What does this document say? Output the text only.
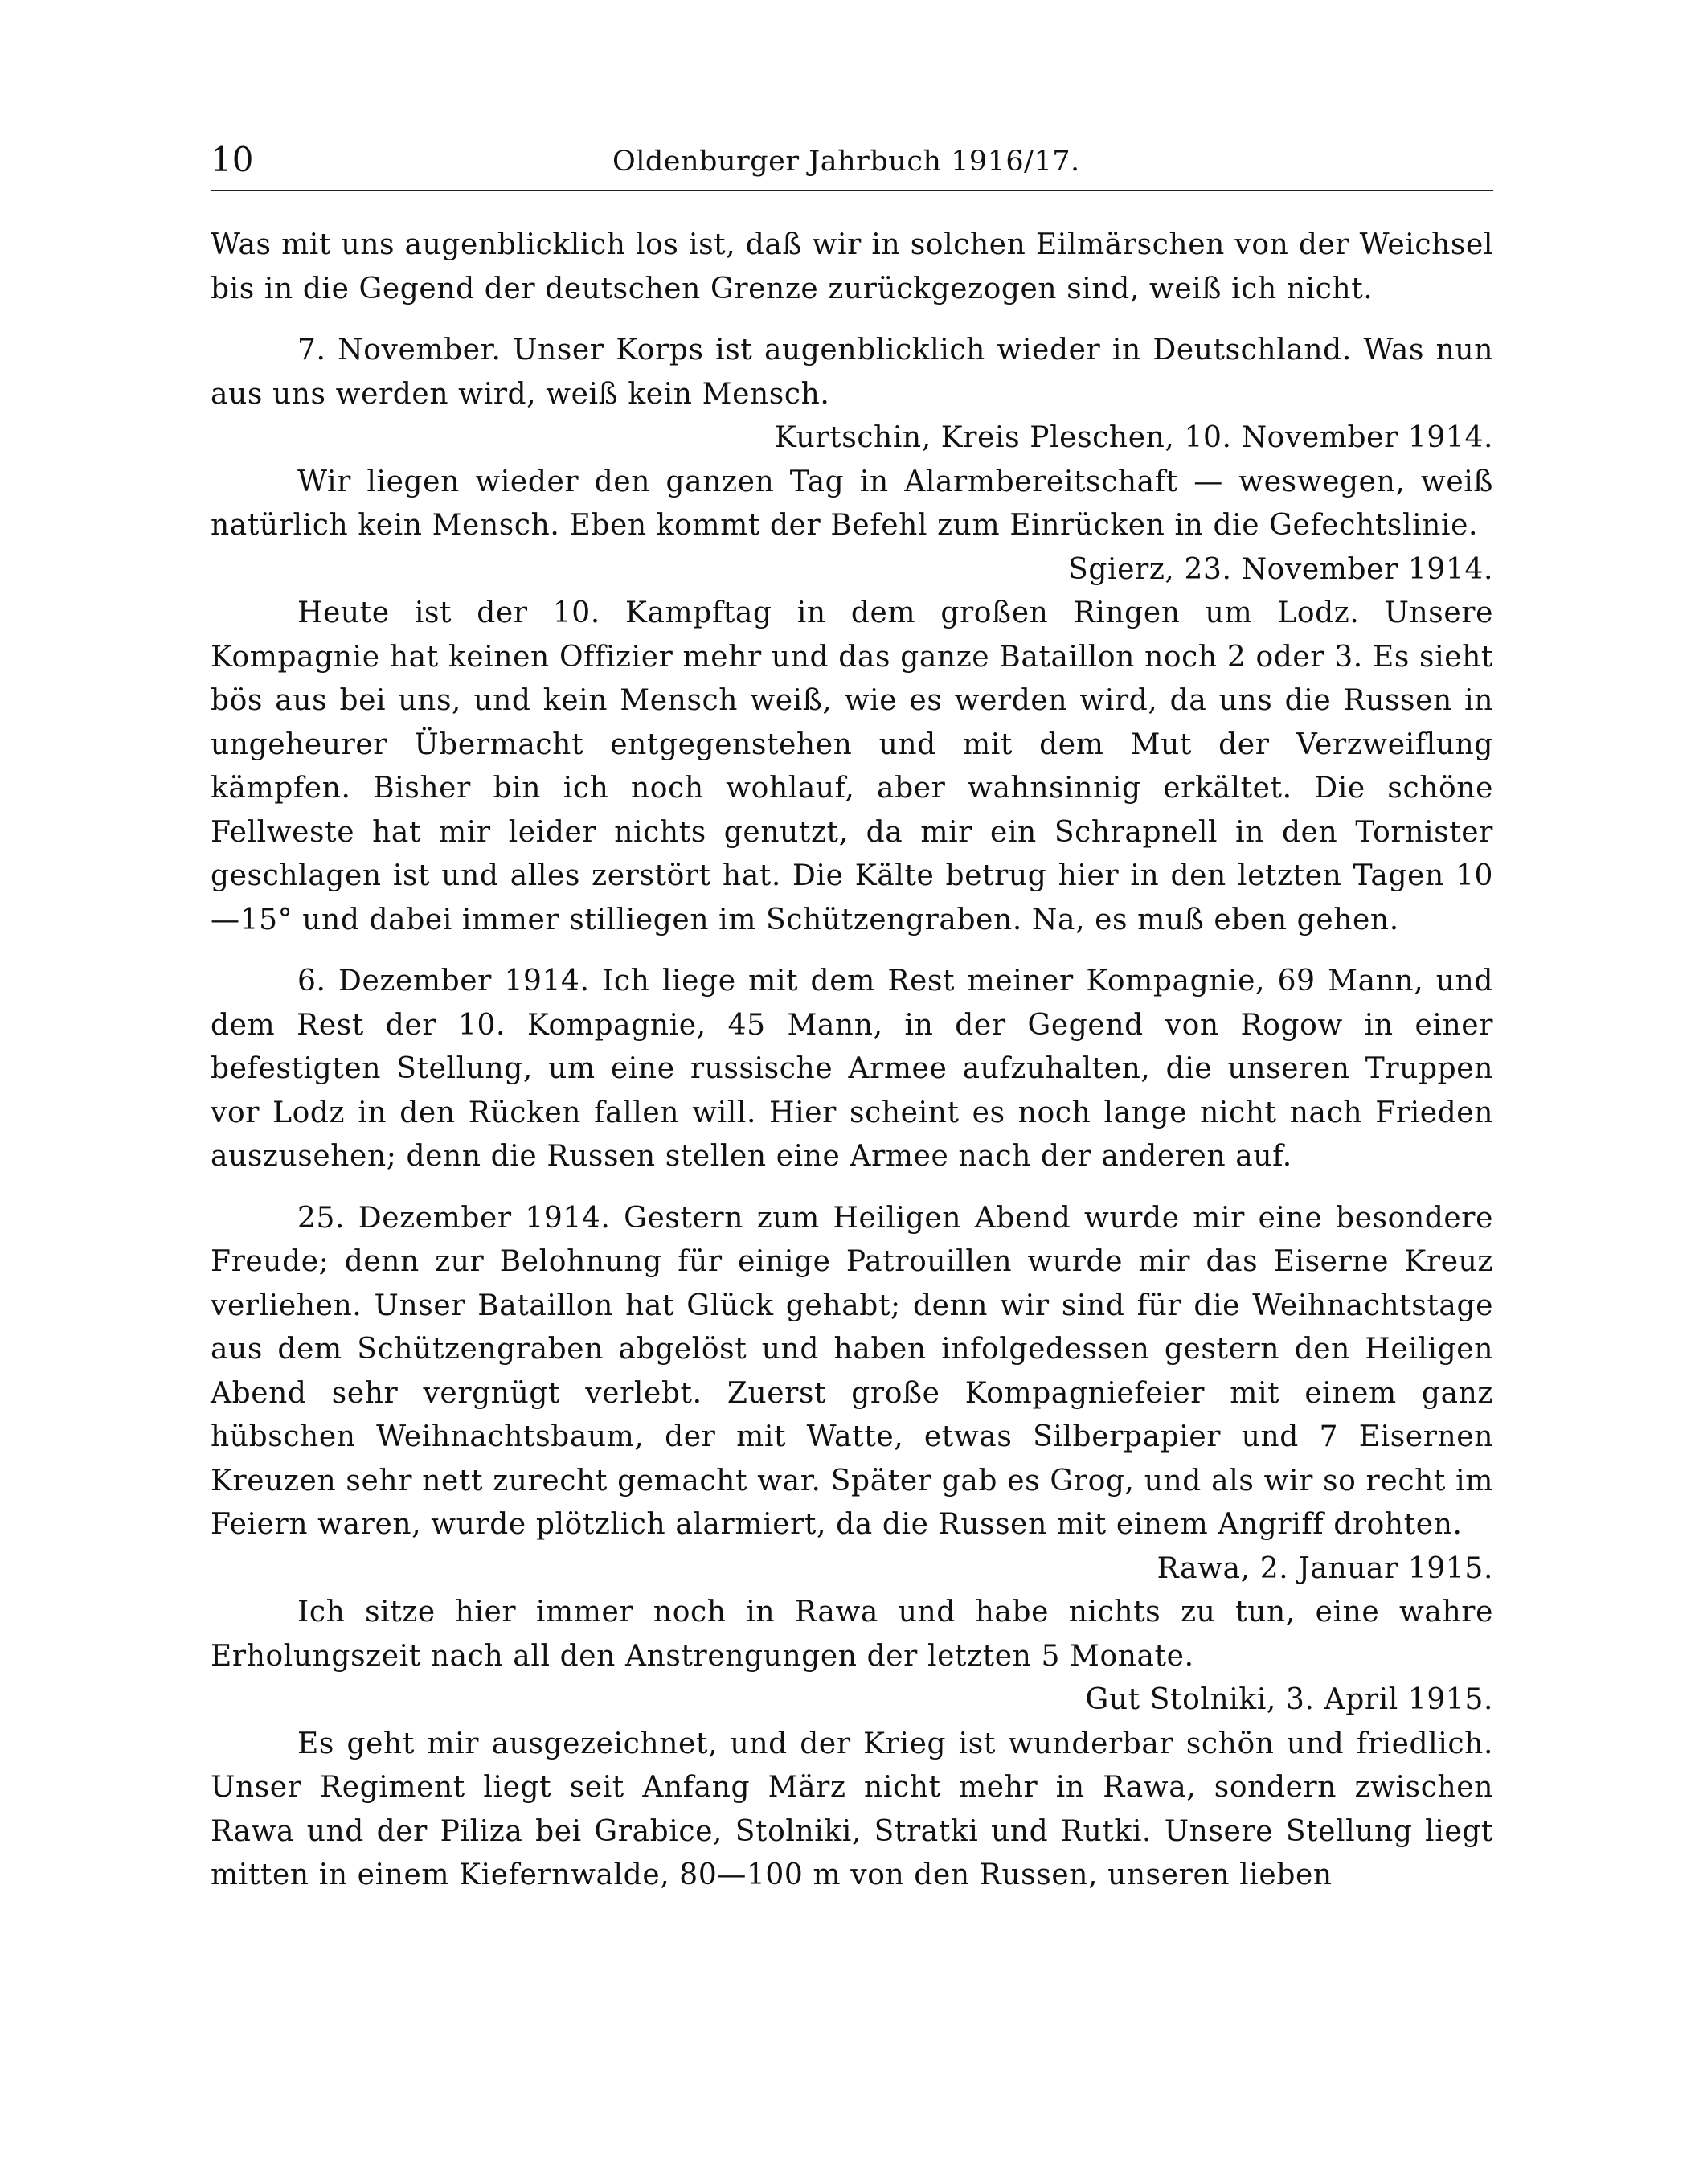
10	Oldenburger Jahrbuch 1916/17.

Was mit uns augenblicklich los ist, daß wir in solchen Eilmärschen von der Weichsel bis in die Gegend der deutschen Grenze zurückgezogen sind, weiß ich nicht.

7. November. Unser Korps ist augenblicklich wieder in Deutschland. Was nun aus uns werden wird, weiß kein Mensch.

Kurtschin, Kreis Pleschen, 10. November 1914.

Wir liegen wieder den ganzen Tag in Alarmbereitschaft — weswegen, weiß natürlich kein Mensch. Eben kommt der Befehl zum Einrücken in die Gefechtslinie.

Sgierz, 23. November 1914.

Heute ist der 10. Kampftag in dem großen Ringen um Lodz. Unsere Kompagnie hat keinen Offizier mehr und das ganze Bataillon noch 2 oder 3. Es sieht bös aus bei uns, und kein Mensch weiß, wie es werden wird, da uns die Russen in ungeheurer Übermacht entgegenstehen und mit dem Mut der Verzweiflung kämpfen. Bisher bin ich noch wohlauf, aber wahnsinnig erkältet. Die schöne Fellweste hat mir leider nichts genutzt, da mir ein Schrapnell in den Tornister geschlagen ist und alles zerstört hat. Die Kälte betrug hier in den letzten Tagen 10—15° und dabei immer stilliegen im Schützengraben. Na, es muß eben gehen.

6. Dezember 1914. Ich liege mit dem Rest meiner Kompagnie, 69 Mann, und dem Rest der 10. Kompagnie, 45 Mann, in der Gegend von Rogow in einer befestigten Stellung, um eine russische Armee aufzuhalten, die unseren Truppen vor Lodz in den Rücken fallen will. Hier scheint es noch lange nicht nach Frieden auszusehen; denn die Russen stellen eine Armee nach der anderen auf.

25. Dezember 1914. Gestern zum Heiligen Abend wurde mir eine besondere Freude; denn zur Belohnung für einige Patrouillen wurde mir das Eiserne Kreuz verliehen. Unser Bataillon hat Glück gehabt; denn wir sind für die Weihnachtstage aus dem Schützengraben abgelöst und haben infolgedessen gestern den Heiligen Abend sehr vergnügt verlebt. Zuerst große Kompagniefeier mit einem ganz hübschen Weihnachtsbaum, der mit Watte, etwas Silberpapier und 7 Eisernen Kreuzen sehr nett zurecht gemacht war. Später gab es Grog, und als wir so recht im Feiern waren, wurde plötzlich alarmiert, da die Russen mit einem Angriff drohten.

Rawa, 2. Januar 1915.

Ich sitze hier immer noch in Rawa und habe nichts zu tun, eine wahre Erholungszeit nach all den Anstrengungen der letzten 5 Monate.

Gut Stolniki, 3. April 1915.

Es geht mir ausgezeichnet, und der Krieg ist wunderbar schön und friedlich. Unser Regiment liegt seit Anfang März nicht mehr in Rawa, sondern zwischen Rawa und der Piliza bei Grabice, Stolniki, Stratki und Rutki. Unsere Stellung liegt mitten in einem Kiefernwalde, 80—100 m von den Russen, unseren lieben
